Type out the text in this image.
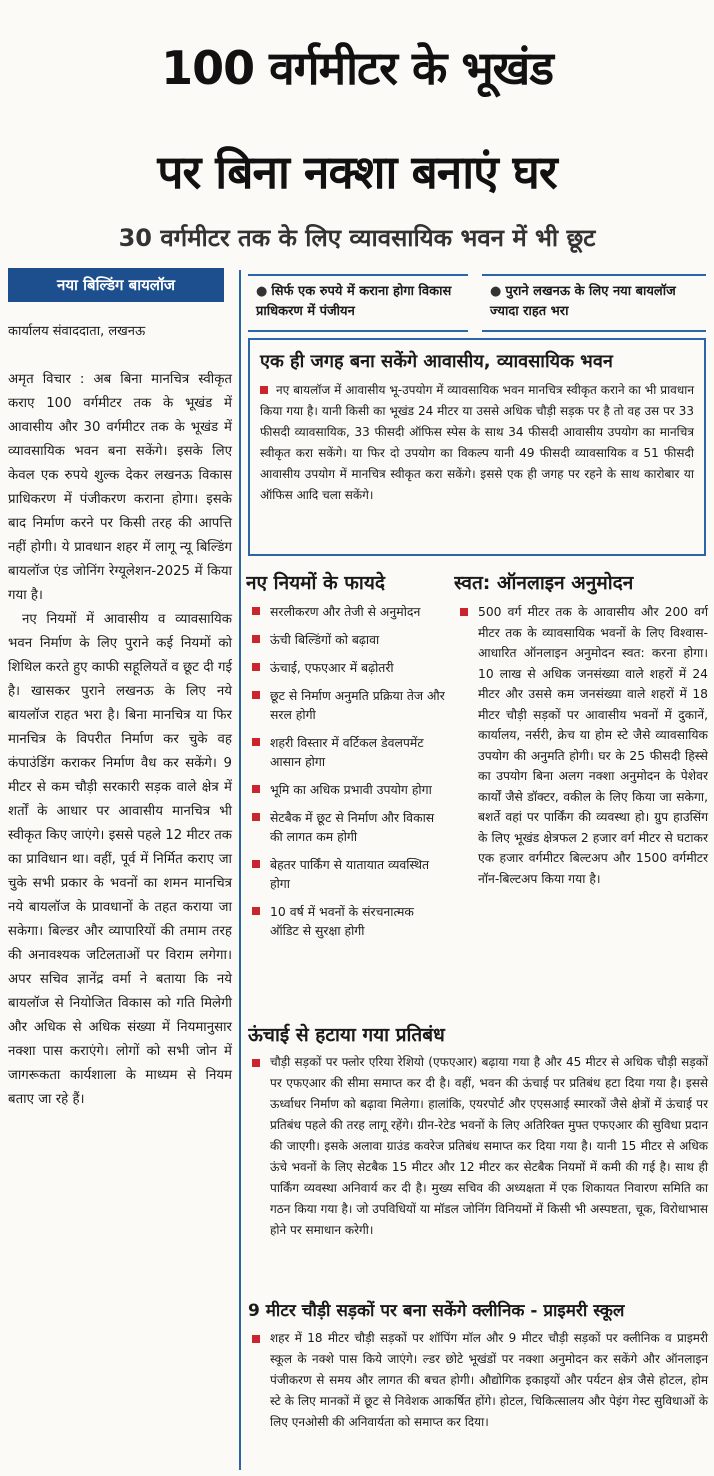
100 वर्गमीटर के भूखंड
पर बिना नक्शा बनाएं घर
30 वर्गमीटर तक के लिए व्यावसायिक भवन में भी छूट
नया बिल्डिंग बायलॉज
कार्यालय संवाददाता, लखनऊ
● सिर्फ एक रुपये में कराना होगा विकास प्राधिकरण में पंजीयन
● पुराने लखनऊ के लिए नया बायलॉज ज्यादा राहत भरा
एक ही जगह बना सकेंगे आवासीय, व्यावसायिक भवन
नए बायलॉज में आवासीय भू-उपयोग में व्यावसायिक भवन मानचित्र स्वीकृत कराने का भी प्रावधान किया गया है। यानी किसी का भूखंड 24 मीटर या उससे अधिक चौड़ी सड़क पर है तो वह उस पर 33 फीसदी व्यावसायिक, 33 फीसदी ऑफिस स्पेस के साथ 34 फीसदी आवासीय उपयोग का मानचित्र स्वीकृत करा सकेंगे। या फिर दो उपयोग का विकल्प यानी 49 फीसदी व्यावसायिक व 51 फीसदी आवासीय उपयोग में मानचित्र स्वीकृत करा सकेंगे। इससे एक ही जगह पर रहने के साथ कारोबार या ऑफिस आदि चला सकेंगे।

अमृत विचार : अब बिना मानचित्र स्वीकृत कराए 100 वर्गमीटर तक के भूखंड में आवासीय और 30 वर्गमीटर तक के भूखंड में व्यावसायिक भवन बना सकेंगे। इसके लिए केवल एक रुपये शुल्क देकर लखनऊ विकास प्राधिकरण में पंजीकरण कराना होगा। इसके बाद निर्माण करने पर किसी तरह की आपत्ति नहीं होगी। ये प्रावधान शहर में लागू न्यू बिल्डिंग बायलॉज एंड जोनिंग रेग्यूलेशन-2025 में किया गया है।

नए नियमों में आवासीय व व्यावसायिक भवन निर्माण के लिए पुराने कई नियमों को शिथिल करते हुए काफी सहूलियतें व छूट दी गई है। खासकर पुराने लखनऊ के लिए नये बायलॉज राहत भरा है। बिना मानचित्र या फिर मानचित्र के विपरीत निर्माण कर चुके वह कंपाउंडिंग कराकर निर्माण वैध कर सकेंगे। 9 मीटर से कम चौड़ी सरकारी सड़क वाले क्षेत्र में शर्तों के आधार पर आवासीय मानचित्र भी स्वीकृत किए जाएंगे। इससे पहले 12 मीटर तक का प्राविधान था। वहीं, पूर्व में निर्मित कराए जा चुके सभी प्रकार के भवनों का शमन मानचित्र नये बायलॉज के प्रावधानों के तहत कराया जा सकेगा। बिल्डर और व्यापारियों की तमाम तरह की अनावश्यक जटिलताओं पर विराम लगेगा। अपर सचिव ज्ञानेंद्र वर्मा ने बताया कि नये बायलॉज से नियोजित विकास को गति मिलेगी और अधिक से अधिक संख्या में नियमानुसार नक्शा पास कराएंगे। लोगों को सभी जोन में जागरूकता कार्यशाला के माध्यम से नियम बताए जा रहे हैं।

नए नियमों के फायदे
सरलीकरण और तेजी से अनुमोदन
ऊंची बिल्डिंगों को बढ़ावा
ऊंचाई, एफएआर में बढ़ोतरी
छूट से निर्माण अनुमति प्रक्रिया तेज और सरल होगी
शहरी विस्तार में वर्टिकल डेवलपमेंट आसान होगा
भूमि का अधिक प्रभावी उपयोग होगा
सेटबैक में छूट से निर्माण और विकास की लागत कम होगी
बेहतर पार्किंग से यातायात व्यवस्थित होगा
10 वर्ष में भवनों के संरचनात्मक ऑडिट से सुरक्षा होगी
स्वत: ऑनलाइन अनुमोदन
500 वर्ग मीटर तक के आवासीय और 200 वर्ग मीटर तक के व्यावसायिक भवनों के लिए विश्वास-आधारित ऑनलाइन अनुमोदन स्वत: करना होगा। 10 लाख से अधिक जनसंख्या वाले शहरों में 24 मीटर और उससे कम जनसंख्या वाले शहरों में 18 मीटर चौड़ी सड़कों पर आवासीय भवनों में दुकानें, कार्यालय, नर्सरी, क्रेच या होम स्टे जैसे व्यावसायिक उपयोग की अनुमति होगी। घर के 25 फीसदी हिस्से का उपयोग बिना अलग नक्शा अनुमोदन के पेशेवर कार्यों जैसे डॉक्टर, वकील के लिए किया जा सकेगा, बशर्ते वहां पर पार्किंग की व्यवस्था हो। ग्रुप हाउसिंग के लिए भूखंड क्षेत्रफल 2 हजार वर्ग मीटर से घटाकर एक हजार वर्गमीटर बिल्टअप और 1500 वर्गमीटर नॉन-बिल्टअप किया गया है।
ऊंचाई से हटाया गया प्रतिबंध
चौड़ी सड़कों पर फ्लोर एरिया रेशियो (एफएआर) बढ़ाया गया है और 45 मीटर से अधिक चौड़ी सड़कों पर एफएआर की सीमा समाप्त कर दी है। वहीं, भवन की ऊंचाई पर प्रतिबंध हटा दिया गया है। इससे ऊर्ध्वाधर निर्माण को बढ़ावा मिलेगा। हालांकि, एयरपोर्ट और एएसआई स्मारकों जैसे क्षेत्रों में ऊंचाई पर प्रतिबंध पहले की तरह लागू रहेंगे। ग्रीन-रेटेड भवनों के लिए अतिरिक्त मुफ्त एफएआर की सुविधा प्रदान की जाएगी। इसके अलावा ग्राउंड कवरेज प्रतिबंध समाप्त कर दिया गया है। यानी 15 मीटर से अधिक ऊंचे भवनों के लिए सेटबैक 15 मीटर और 12 मीटर कर सेटबैक नियमों में कमी की गई है। साथ ही पार्किंग व्यवस्था अनिवार्य कर दी है। मुख्य सचिव की अध्यक्षता में एक शिकायत निवारण समिति का गठन किया गया है। जो उपविधियों या मॉडल जोनिंग विनियमों में किसी भी अस्पष्टता, चूक, विरोधाभास होने पर समाधान करेगी।
9 मीटर चौड़ी सड़कों पर बना सकेंगे क्लीनिक - प्राइमरी स्कूल
शहर में 18 मीटर चौड़ी सड़कों पर शॉपिंग मॉल और 9 मीटर चौड़ी सड़कों पर क्लीनिक व प्राइमरी स्कूल के नक्शे पास किये जाएंगे। ल्डर छोटे भूखंडों पर नक्शा अनुमोदन कर सकेंगे और ऑनलाइन पंजीकरण से समय और लागत की बचत होगी। औद्योगिक इकाइयों और पर्यटन क्षेत्र जैसे होटल, होम स्टे के लिए मानकों में छूट से निवेशक आकर्षित होंगे। होटल, चिकित्सालय और पेइंग गेस्ट सुविधाओं के लिए एनओसी की अनिवार्यता को समाप्त कर दिया।
